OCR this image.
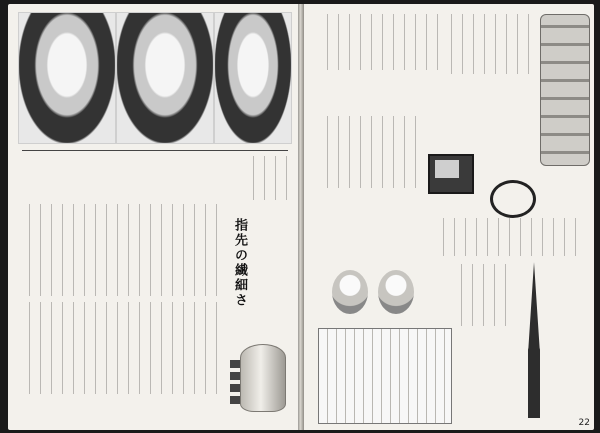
指先の繊細さ
22
